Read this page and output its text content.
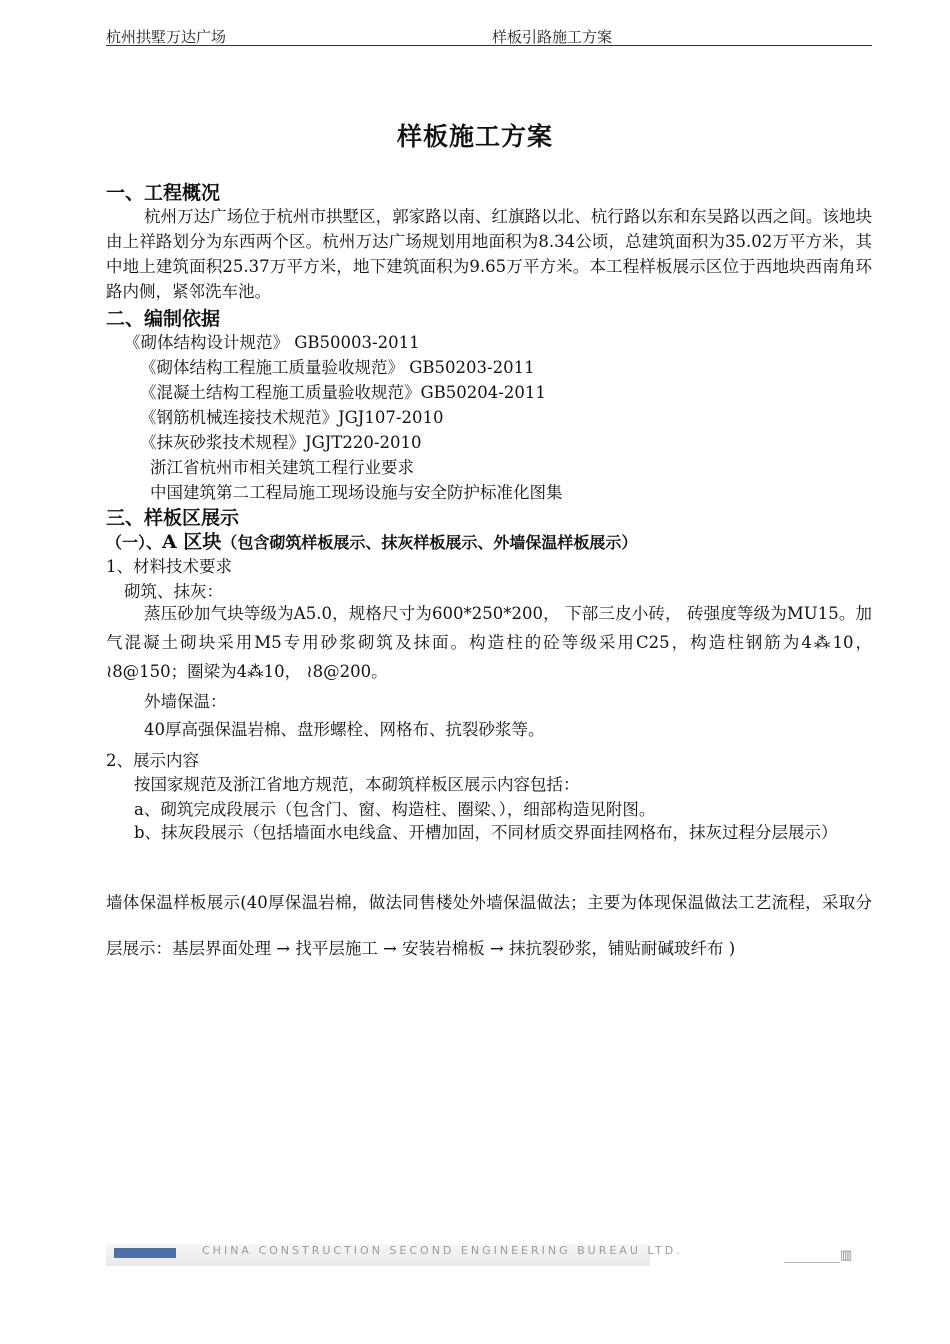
杭州拱墅万达广场	样板引路施工方案
样板施工方案
一、工程概况
杭州万达广场位于杭州市拱墅区，郭家路以南、红旗路以北、杭行路以东和东吴路以西之间。该地块由上祥路划分为东西两个区。杭州万达广场规划用地面积为8.34公顷，总建筑面积为35.02万平方米，其中地上建筑面积25.37万平方米，地下建筑面积为9.65万平方米。本工程样板展示区位于西地块西南角环路内侧，紧邻洗车池。
二、编制依据
《砌体结构设计规范》 GB50003-2011
《砌体结构工程施工质量验收规范》 GB50203-2011
《混凝土结构工程施工质量验收规范》GB50204-2011
《钢筋机械连接技术规范》JGJ107-2010
《抹灰砂浆技术规程》JGJT220-2010
浙江省杭州市相关建筑工程行业要求
中国建筑第二工程局施工现场设施与安全防护标准化图集
三、样板区展示
（一）、A 区块（包含砌筑样板展示、抹灰样板展示、外墙保温样板展示）
1、材料技术要求
砌筑、抹灰：
蒸压砂加气块等级为A5.0，规格尺寸为600*250*200， 下部三皮小砖， 砖强度等级为MU15。加气混凝土砌块采用M5专用砂浆砌筑及抹面。构造柱的砼等级采用C25，构造柱钢筋为4⁂10， ≀8@150；圈梁为4⁂10， ≀8@200。
外墙保温：
40厚高强保温岩棉、盘形螺栓、网格布、抗裂砂浆等。
2、展示内容
按国家规范及浙江省地方规范，本砌筑样板区展示内容包括：
a、砌筑完成段展示（包含门、窗、构造柱、圈梁、），细部构造见附图。
b、抹灰段展示（包括墙面水电线盒、开槽加固，不同材质交界面挂网格布，抹灰过程分层展示）
墙体保温样板展示(40厚保温岩棉，做法同售楼处外墙保温做法；主要为体现保温做法工艺流程，采取分层展示：基层界面处理 → 找平层施工 → 安装岩棉板 → 抹抗裂砂浆，铺贴耐碱玻纤布 )
CHINA CONSTRUCTION SECOND ENGINEERING BUREAU LTD.	▥
